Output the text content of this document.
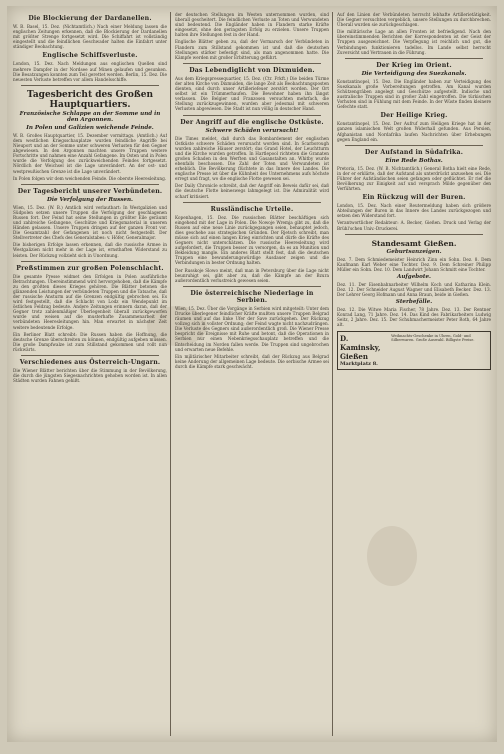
Die Blockierung der Dardanellen.

W. B. Basel, 15. Dez. (Nichtamtlich.) Nach einer Meldung lassen die englischen Zeitungen erkennen, daß die Blockierung der Dardanellen mit größter Strenge fortgesetzt wird. Die Schiffahrt ist vollständig eingestellt und die feindlichen Geschwader halten die Einfahrt unter ständiger Beobachtung.

Englische Schiffsverluste.

London, 15. Dez. Nach Meldungen aus englischen Quellen sind mehrere Dampfer in der Nordsee auf Minen gelaufen und gesunken. Die Besatzungen konnten zum Teil gerettet werden. Berlin, 15. Dez. Die neuesten Verluste betreffen vor allem Handelsschiffe.

Tagesbericht des Großen Hauptquartiers.
Französische Schlappe an der Somme und in den Argonnen.
In Polen und Galizien weichende Feinde.

W. B. Großes Hauptquartier, 15. Dezember vormittags. (Amtlich.) Auf dem westlichen Kriegsschauplatze wurden feindliche Angriffe bei Nieuport und an der Somme unter schweren Verlusten für den Gegner abgewiesen. In den Argonnen machten unsere Truppen weitere Fortschritte und nahmen eine Anzahl Gefangene. Im Osten und in Polen wurde die Verfolgung des zurückweichenden Feindes fortgesetzt. Nördlich der Weichsel ist die Lage unverändert. An der ost- und westpreußischen Grenze ist die Lage unverändert.

In Polen folgen wir dem weichenden Feinde. Die oberste Heeresleitung.

Der Tagesbericht unserer Verbündeten.
Die Verfolgung der Russen.

Wien, 15. Dez. (W. B.) Amtlich wird verlautbart: In Westgalizien und Südpolen setzen unsere Truppen die Verfolgung der geschlagenen Russen fort. Der Feind hat seine Stellungen in größter Eile geräumt und zahlreiche Gefangene, Geschütze und Kriegsmaterial in unseren Händen gelassen. Unsere Truppen dringen auf der ganzen Front vor. Die Gesamtzahl der Gefangenen ist noch nicht festgestellt. Der Stellvertreter des Chefs des Generalstabes: v. Höfer, Generalmajor.

Die bisherigen Erfolge lassen erkennen, daß die russische Armee in Westgalizien nicht mehr in der Lage ist, ernsthaften Widerstand zu leisten. Der Rückzug vollzieht sich in Unordnung.

Preßstimmen zur großen Polenschlacht.

Die gesamte Presse widmet den Erfolgen in Polen ausführliche Betrachtungen. Übereinstimmend wird hervorgehoben, daß die Kämpfe zu den größten dieses Krieges gehören. Die Blätter betonen die glänzenden Leistungen der verbündeten Truppen und die Tatsache, daß der russische Ansturm auf die Grenzen endgültig gebrochen sei. Es wird festgestellt, daß die Schlacht von Lodz ein Wendepunkt im östlichen Feldzug bedeute. Andere Zeitungen erinnern daran, daß der Gegner trotz zahlenmäßiger Überlegenheit überall zurückgeworfen wurde und weisen auf die musterhafte Zusammenarbeit der verbündeten Heeresleitungen hin. Man erwartet in nächster Zeit weitere bedeutende Erfolge.

Ein Berliner Blatt schreibt: Die Russen haben die Hoffnung, die deutsche Grenze überschreiten zu können, endgültig aufgeben müssen. Die große Dampfwalze ist zum Stillstand gekommen und rollt nun rückwärts.

Verschiedenes aus Österreich-Ungarn.

Die Wiener Blätter berichten über die Stimmung in der Bevölkerung, die durch die jüngsten Siegesnachrichten gehoben worden ist. In allen Städten wurden Fahnen gehißt.

der deutschen Stellungen im Westen unternommen wurden, sind überall gescheitert. Die feindlichen Verluste an Toten und Verwundeten sind bedeutend. Die Engländer haben in Flandern starke Kräfte eingesetzt, ohne den geringsten Erfolg zu erzielen. Unsere Truppen halten ihre Stellungen fest in der Hand.

Englische Blätter geben zu, daß der Vormarsch der Verbündeten in Flandern zum Stillstand gekommen ist und daß die deutschen Stellungen stärker befestigt sind, als man angenommen hatte. Die Kämpfe werden mit großer Erbitterung geführt.

Das Lebendiglicht von Dixmuiden.

Aus dem Kriegspressequartier, 15. Dez. (Ctr. Frkft.) Die beiden Türme der alten Kirche von Dixmuiden, die lange Zeit als Beobachtungsposten dienten, sind durch unser Artilleriefeuer zerstört worden. Der Ort selbst ist ein Trümmerhaufen. Die Bewohner haben ihn längst verlassen. Die Belgier und Franzosen versuchten mehrfach, die Stellung zurückzugewinnen, wurden aber jedesmal mit schweren Verlusten abgewiesen. Die Stadt ist nun völlig in deutscher Hand.

Der Angriff auf die englische Ostküste.
Schwere Schäden verursacht!

Die Times meldet, daß durch das Bombardement der englischen Ostküste schwere Schäden verursacht worden sind. In Scarborough wurden zahlreiche Häuser zerstört; das Grand Hotel, der Leuchtturm und die Kirche wurden getroffen. In Hartlepool richteten die Granaten großen Schaden in den Werften und Gasanstalten an. Whitby wurde ebenfalls beschossen. Die Zahl der Toten und Verwundeten ist erheblich. Die Bevölkerung flüchtete in das Innere des Landes. Die englische Presse ist über die Kühnheit des Unternehmens aufs höchste erregt und fragt, wo die englische Flotte gewesen sei.

Der Daily Chronicle schreibt, daß der Angriff ein Beweis dafür sei, daß die deutsche Flotte keineswegs lahmgelegt ist. Die Admiralität wird scharf kritisiert.

Russländische Urteile.

Kopenhagen, 15. Dez. Die russischen Blätter beschäftigen sich eingehend mit der Lage in Polen. Die Nowoje Wremja gibt zu, daß die Russen auf eine neue Linie zurückgegangen seien, behauptet jedoch, dies geschehe aus strategischen Gründen. Der Rjetsch schreibt, man müsse sich auf einen langen Krieg einrichten und dürfe die Kräfte des Gegners nicht unterschätzen. Die russische Heeresleitung wird aufgefordert, die Truppen besser zu versorgen, da es an Munition und Bekleidung mangle. Ein anderes Blatt stellt fest, daß die deutschen Truppen eine bewunderungswürdige Ausdauer zeigen und die Verbindungen in bester Ordnung halten.

Der Russkoje Slowo meint, daß man in Petersburg über die Lage nicht beunruhigt sei, gibt aber zu, daß die Kämpfe an der Bzura außerordentlich verlustreich gewesen seien.

Die österreichische Niederlage in Serbien.

Wien, 15. Dez. Über die Vorgänge in Serbien wird mitgeteilt: Unter dem Drucke überlegener feindlicher Kräfte mußten unsere Truppen Belgrad räumen und auf das linke Ufer der Save zurückgehen. Der Rückzug vollzog sich in vollster Ordnung; der Feind wagte nicht nachzudrängen. Die Verluste des Gegners sind außerordentlich groß. Die Wiener Presse bespricht die Ereignisse mit Ruhe und betont, daß die Operationen in Serbien nur einen Nebenkriegsschauplatz betreffen und die Entscheidung im Norden fallen werde. Die Truppen sind ungebrochen und erwarten neue Befehle.

Ein militärischer Mitarbeiter schreibt, daß der Rückzug aus Belgrad keine Änderung der allgemeinen Lage bedeute. Die serbische Armee sei durch die Kämpfe stark geschwächt.

Auf den Linien der Verbündeten herrscht lebhafte Artillerietätigkeit. Die Gegner versuchten vergeblich, unsere Stellungen zu durchbrechen. Überall wurden sie zurückgeschlagen.

Die militärische Lage an allen Fronten ist befriedigend. Nach den übereinstimmenden Berichten der Korrespondenten ist der Geist der Truppen ausgezeichnet. Die Verpflegung ist reichlich und gut, die Verbindungen funktionieren tadellos. Im Lande selbst herrscht Zuversicht und Vertrauen in die Führung.

Der Krieg im Orient.
Die Verteidigung des Suezkanals.

Konstantinopel, 15. Dez. Die Engländer haben zur Verteidigung des Suezkanals große Vorbereitungen getroffen. Am Kanal wurden Schützengräben angelegt und Geschütze aufgestellt. Indische und australische Truppen sind in großer Zahl eingetroffen. Die türkischen Vorhuten sind in Fühlung mit dem Feinde. In der Wüste finden kleinere Gefechte statt.

Der Heilige Krieg.

Konstantinopel, 15. Dez. Der Aufruf zum Heiligen Kriege hat in der ganzen islamischen Welt großen Widerhall gefunden. Aus Persien, Afghanistan und Nordafrika laufen Nachrichten über Erhebungen gegen England ein.

Der Aufstand in Südafrika.
Eine Rede Bothas.

Pretoria, 15. Dez. (W. B. Nichtamtlich.) General Botha hielt eine Rede, in der er erklärte, daß der Aufstand als unterdrückt anzusehen sei. Die Führer der Aufständischen seien gefangen oder geflüchtet. Er rief die Bevölkerung zur Einigkeit auf und versprach Milde gegenüber den Verführten.

Ein Rückzug will der Buren.

London, 15. Dez. Nach einer Reutermeldung haben sich größere Abteilungen der Buren in das Innere des Landes zurückgezogen und setzen den Widerstand fort.

Verantwortlicher Redakteur: A. Becker, Gießen. Druck und Verlag der Brühl'schen Univ.-Druckerei.

Standesamt Gießen.
Geburtsanzeigen.

Dez. 7. Dem Schmiedemeister Heinrich Zinn ein Sohn. Dez. 8. Dem Kaufmann Karl Weber eine Tochter. Dez. 9. Dem Schreiner Philipp Müller ein Sohn. Dez. 10. Dem Landwirt Johann Schmitt eine Tochter.

Aufgebote.

Dez. 11. Der Eisenbahnarbeiter Wilhelm Koch und Katharina Klein. Dez. 12. Der Schneider August Wagner und Elisabeth Becker. Dez. 13. Der Lehrer Georg Hofmann und Anna Braun, beide in Gießen.

Sterbefälle.

Dez. 12. Die Witwe Maria Fischer, 78 Jahre. Dez. 13. Der Rentner Konrad Lang, 71 Jahre. Dez. 14. Das Kind des Fabrikarbeiters Ludwig Seitz, 2 Jahre. Dez. 15. Der Schuhmachermeister Peter Roth, 64 Jahre alt.

D. Kaminsky, Gießen
Marktplatz 8.
Weihnachts-Geschenke in Uhren, Gold- und Silberwaren. Große Auswahl. Billigste Preise.
